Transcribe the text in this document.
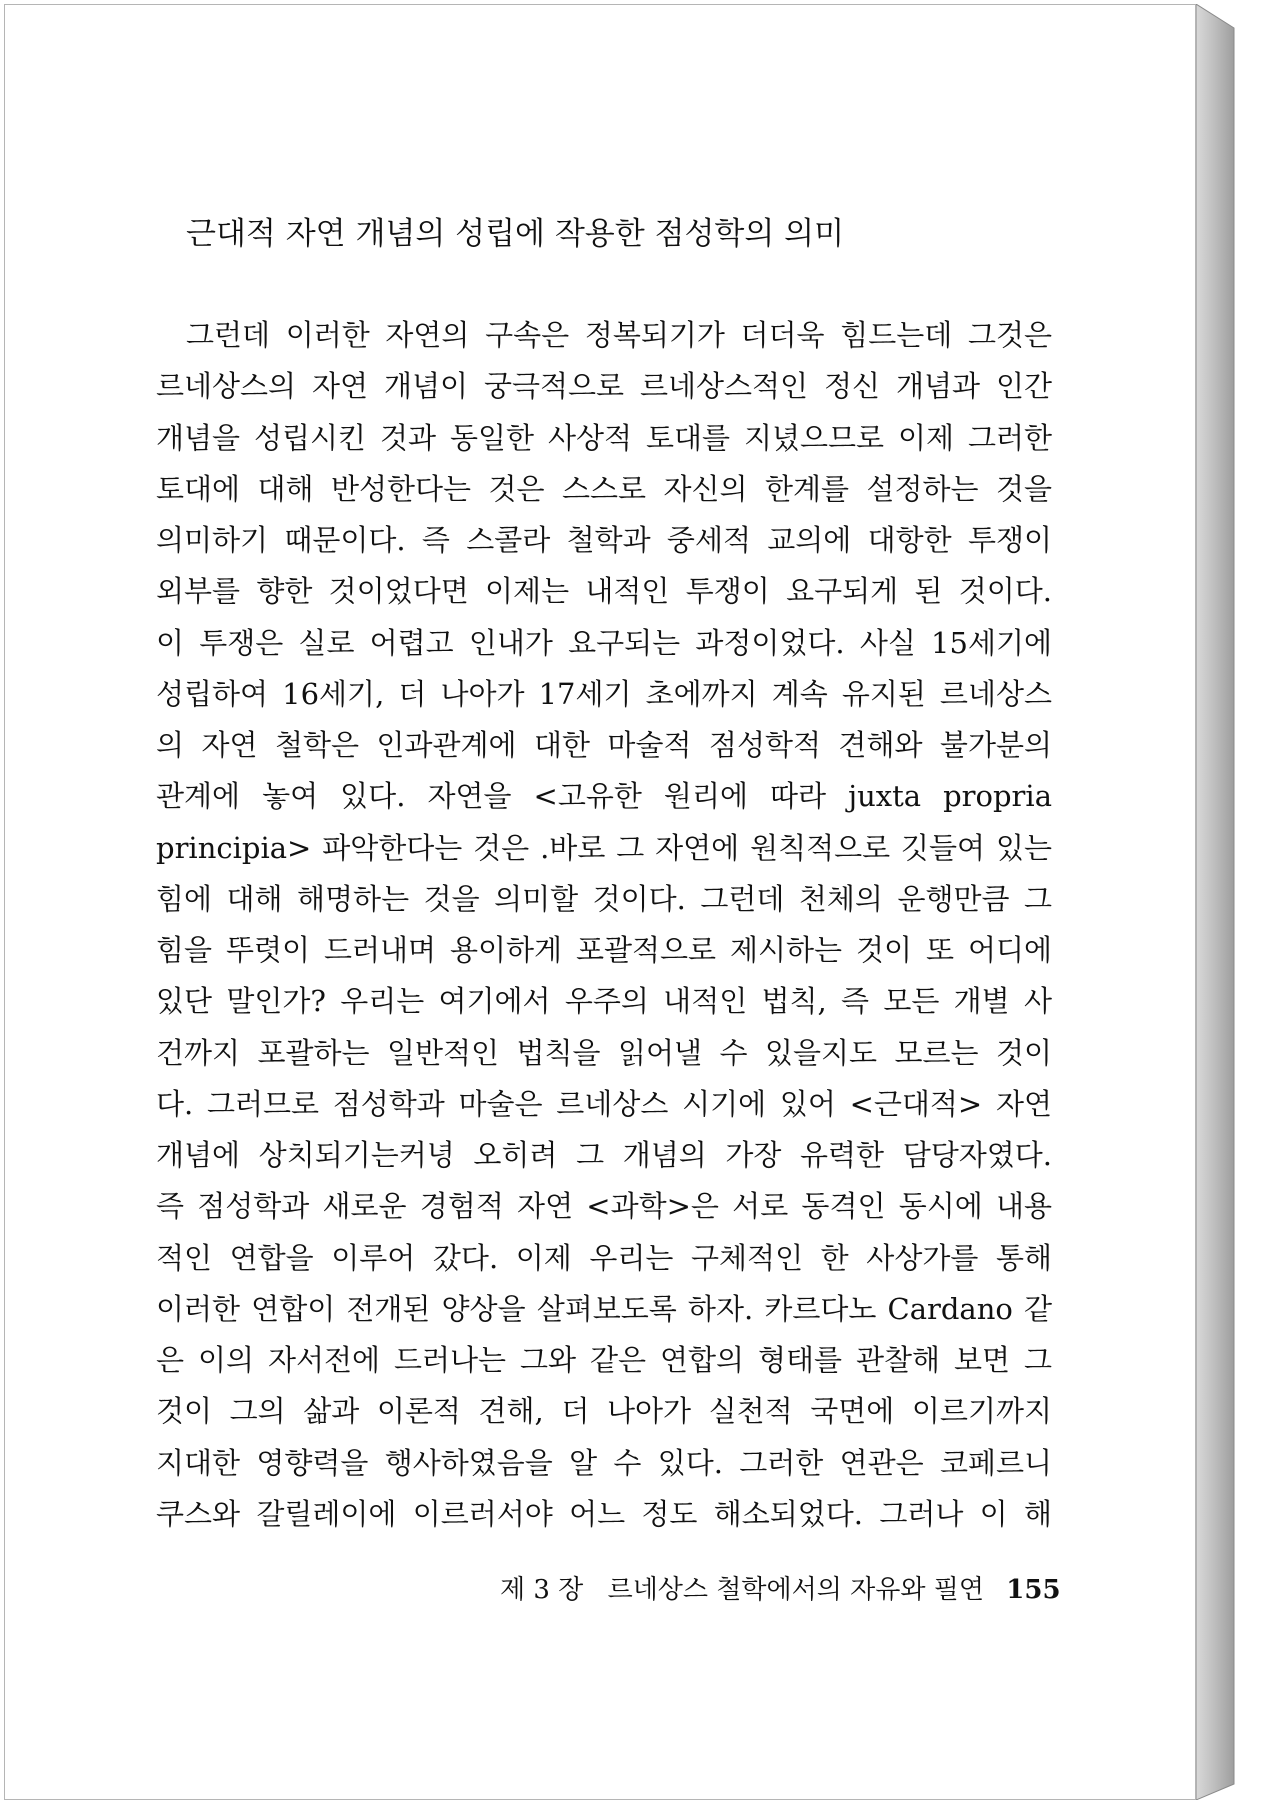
근대적 자연 개념의 성립에 작용한 점성학의 의미
그런데 이러한 자연의 구속은 정복되기가 더더욱 힘드는데 그것은
르네상스의 자연 개념이 궁극적으로 르네상스적인 정신 개념과 인간
개념을 성립시킨 것과 동일한 사상적 토대를 지녔으므로 이제 그러한
토대에 대해 반성한다는 것은 스스로 자신의 한계를 설정하는 것을
의미하기 때문이다. 즉 스콜라 철학과 중세적 교의에 대항한 투쟁이
외부를 향한 것이었다면 이제는 내적인 투쟁이 요구되게 된 것이다.
이 투쟁은 실로 어렵고 인내가 요구되는 과정이었다. 사실 15세기에
성립하여 16세기, 더 나아가 17세기 초에까지 계속 유지된 르네상스
의 자연 철학은 인과관계에 대한 마술적 점성학적 견해와 불가분의
관계에 놓여 있다. 자연을 <고유한 원리에 따라 juxta propria
principia> 파악한다는 것은 .바로 그 자연에 원칙적으로 깃들여 있는
힘에 대해 해명하는 것을 의미할 것이다. 그런데 천체의 운행만큼 그
힘을 뚜렷이 드러내며 용이하게 포괄적으로 제시하는 것이 또 어디에
있단 말인가? 우리는 여기에서 우주의 내적인 법칙, 즉 모든 개별 사
건까지 포괄하는 일반적인 법칙을 읽어낼 수 있을지도 모르는 것이
다. 그러므로 점성학과 마술은 르네상스 시기에 있어 <근대적> 자연
개념에 상치되기는커녕 오히려 그 개념의 가장 유력한 담당자였다.
즉 점성학과 새로운 경험적 자연 <과학>은 서로 동격인 동시에 내용
적인 연합을 이루어 갔다. 이제 우리는 구체적인 한 사상가를 통해
이러한 연합이 전개된 양상을 살펴보도록 하자. 카르다노 Cardano 같
은 이의 자서전에 드러나는 그와 같은 연합의 형태를 관찰해 보면 그
것이 그의 삶과 이론적 견해, 더 나아가 실천적 국면에 이르기까지
지대한 영향력을 행사하였음을 알 수 있다. 그러한 연관은 코페르니
쿠스와 갈릴레이에 이르러서야 어느 정도 해소되었다. 그러나 이 해
제 3 장 르네상스 철학에서의 자유와 필연 155
